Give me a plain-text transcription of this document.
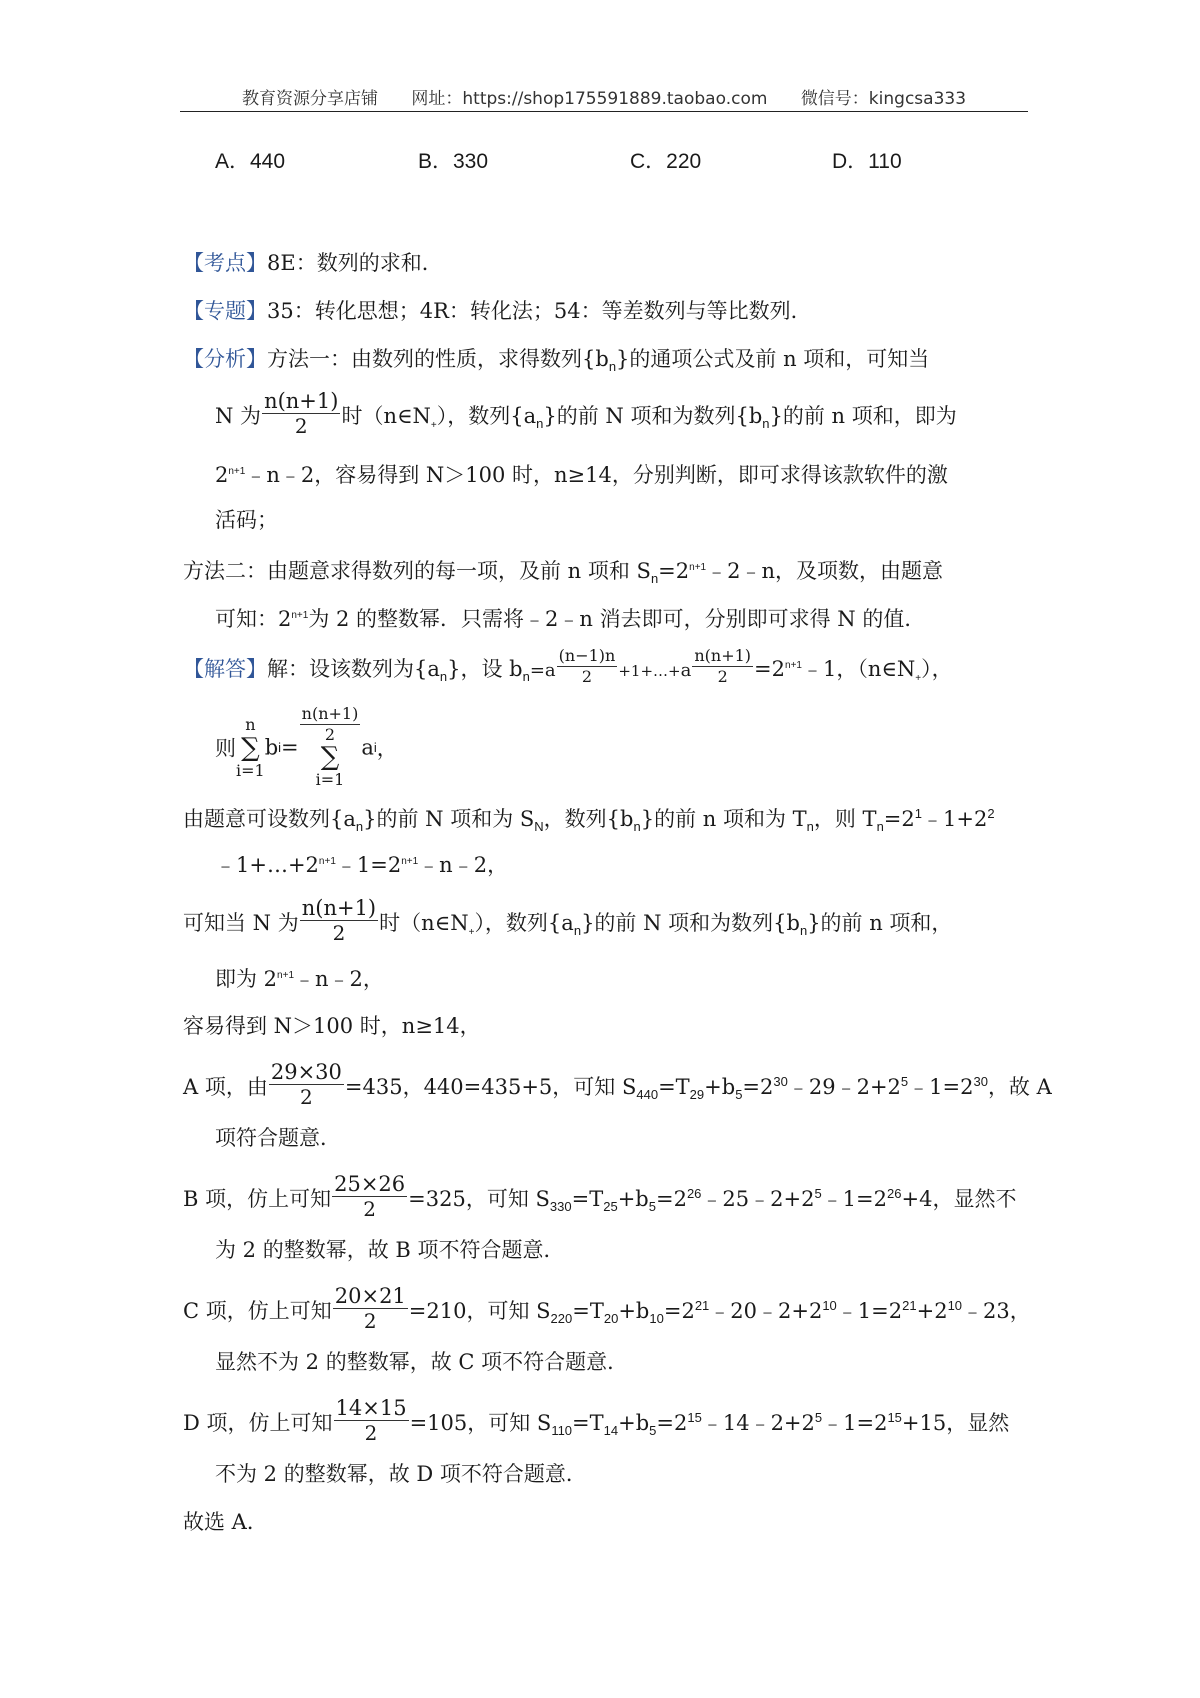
教育资源分享店铺 网址：https://shop175591889.taobao.com 微信号：kingcsa333
A．440	B．330	C．220	D．110
【考点】8E：数列的求和．
【专题】35：转化思想；4R：转化法；54：等差数列与等比数列．
【分析】方法一：由数列的性质，求得数列$\{b_n\}$的通项公式及前 n 项和，可知当
N 为 $\frac{n(n+1)}{2}$ 时$(n\in N_+)$，数列$\{a_n\}$的前 N 项和为数列$\{b_n\}$的前 n 项和，即为
$2^{n+1}﹣n﹣2$，容易得到 N＞100 时，n≥14，分别判断，即可求得该款软件的激
活码；
方法二：由题意求得数列的每一项，及前 n 项和 $S_n=2^{n+1}﹣2﹣n$，及项数，由题意
可知：$2^{n+1}$为 2 的整数幂．只需将﹣2﹣n 消去即可，分别即可求得 N 的值．
【解答】解：设该数列为$\{a_n\}$，设 $b_n=a \frac{(n-1)n}{2}$ +1+…+a $\frac{n(n+1)}{2}$ $=2^{n+1}﹣1$，$(n\in N_+)$，
则
n
∑
i=1
bi=
$\frac{n(n+1)}{2}$
∑
i=1
ai，
由题意可设数列$\{a_n\}$的前 N 项和为 $S_N$，数列$\{b_n\}$的前 n 项和为 $T_n$，则 $T_n=2^1﹣1+2^2$
$﹣1+\dots+2^{n+1}﹣1=2^{n+1}﹣n﹣2$，
可知当 N 为 $\frac{n(n+1)}{2}$ 时$(n\in N_+)$，数列$\{a_n\}$的前 N 项和为数列$\{b_n\}$的前 n 项和，
即为 $2^{n+1}﹣n﹣2$，
容易得到 N＞100 时，n≥14，
A 项，由 $\frac{29\times 30}{2} =435$，440=435+5，可知 $S_{440}=T_{29}+b_5=2^{30}﹣29﹣2+2^5﹣1=2^{30}$，故 A
项符合题意．
B 项，仿上可知 $\frac{25\times 26}{2} =325$，可知 $S_{330}=T_{25}+b_5=2^{26}﹣25﹣2+2^5﹣1=2^{26}+4$，显然不
为 2 的整数幂，故 B 项不符合题意．
C 项，仿上可知 $\frac{20\times 21}{2} =210$，可知 $S_{220}=T_{20}+b_{10}=2^{21}﹣20﹣2+2^{10}﹣1=2^{21}+2^{10}﹣23$，
显然不为 2 的整数幂，故 C 项不符合题意．
D 项，仿上可知 $\frac{14\times 15}{2} =105$，可知 $S_{110}=T_{14}+b_5=2^{15}﹣14﹣2+2^5﹣1=2^{15}+15$，显然
不为 2 的整数幂，故 D 项不符合题意．
故选 A．
